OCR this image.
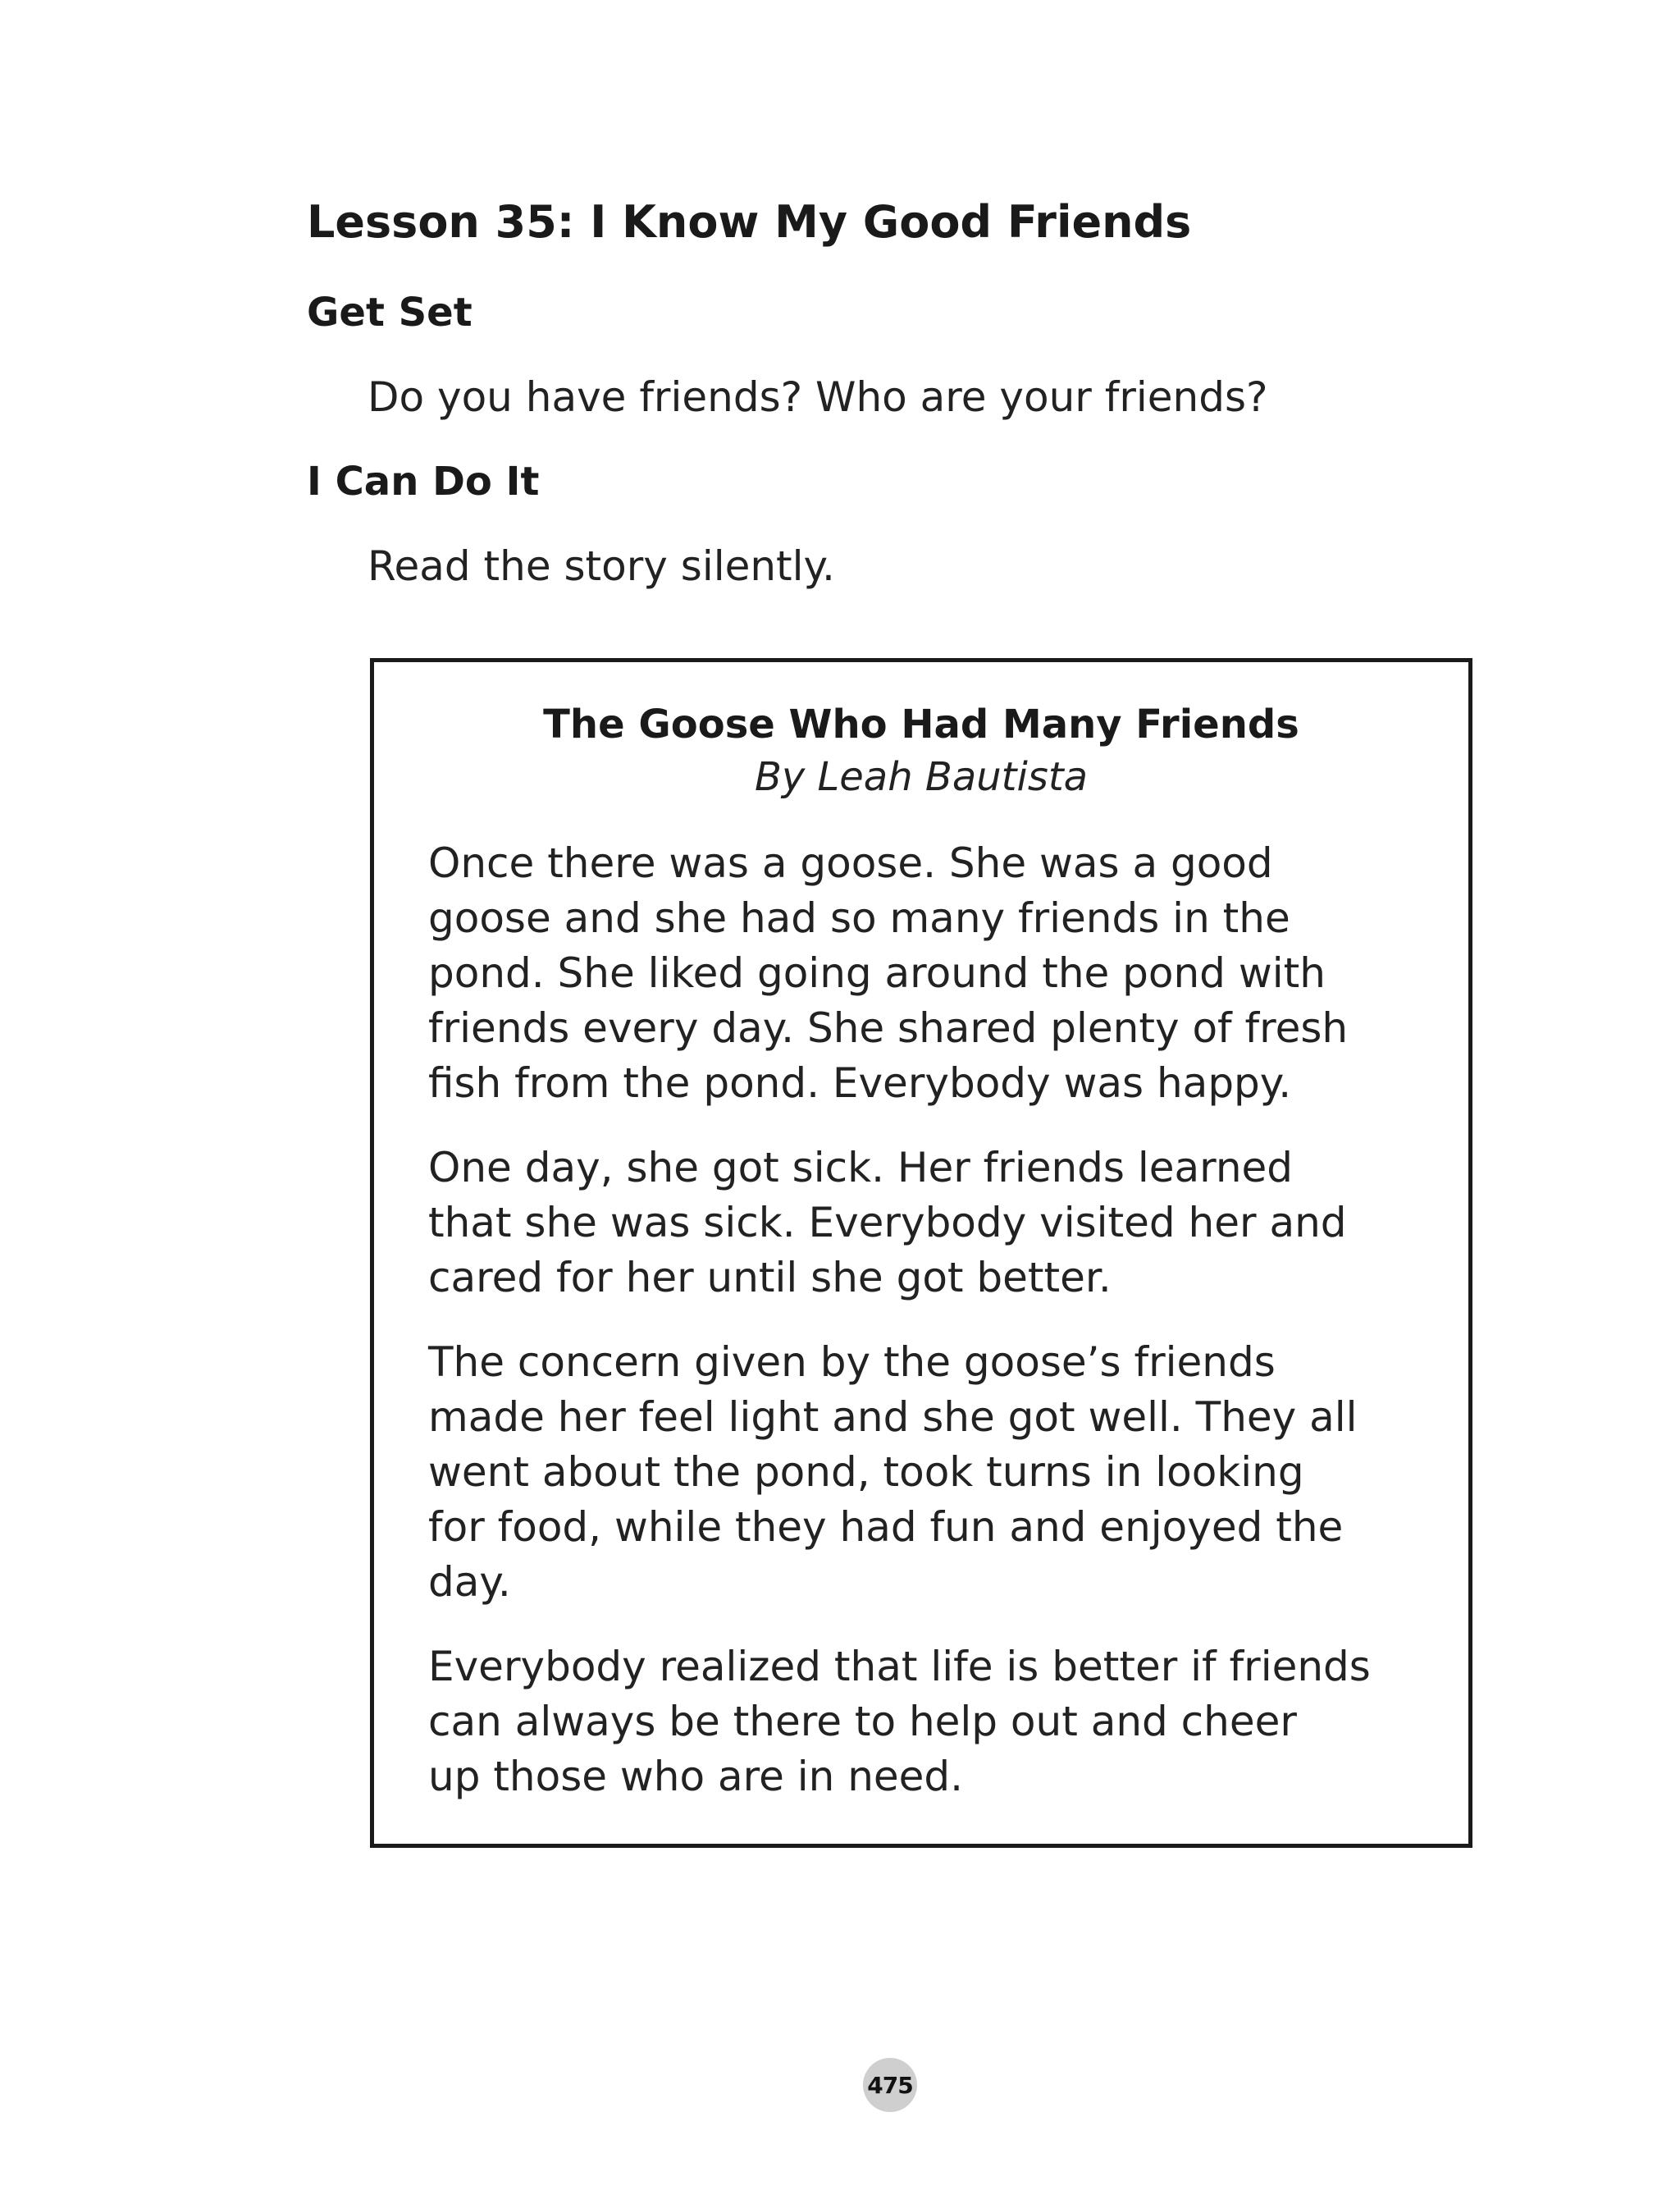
Lesson 35: I Know My Good Friends
Get Set

Do you have friends? Who are your friends?

I Can Do It

Read the story silently.

The Goose Who Had Many Friends

By Leah Bautista

Once there was a goose. She was a good
goose and she had so many friends in the
pond. She liked going around the pond with
friends every day. She shared plenty of fresh
fish from the pond. Everybody was happy.

One day, she got sick. Her friends learned
that she was sick. Everybody visited her and
cared for her until she got better.

The concern given by the goose’s friends
made her feel light and she got well. They all
went about the pond, took turns in looking
for food, while they had fun and enjoyed the
day.

Everybody realized that life is better if friends
can always be there to help out and cheer
up those who are in need.

475
